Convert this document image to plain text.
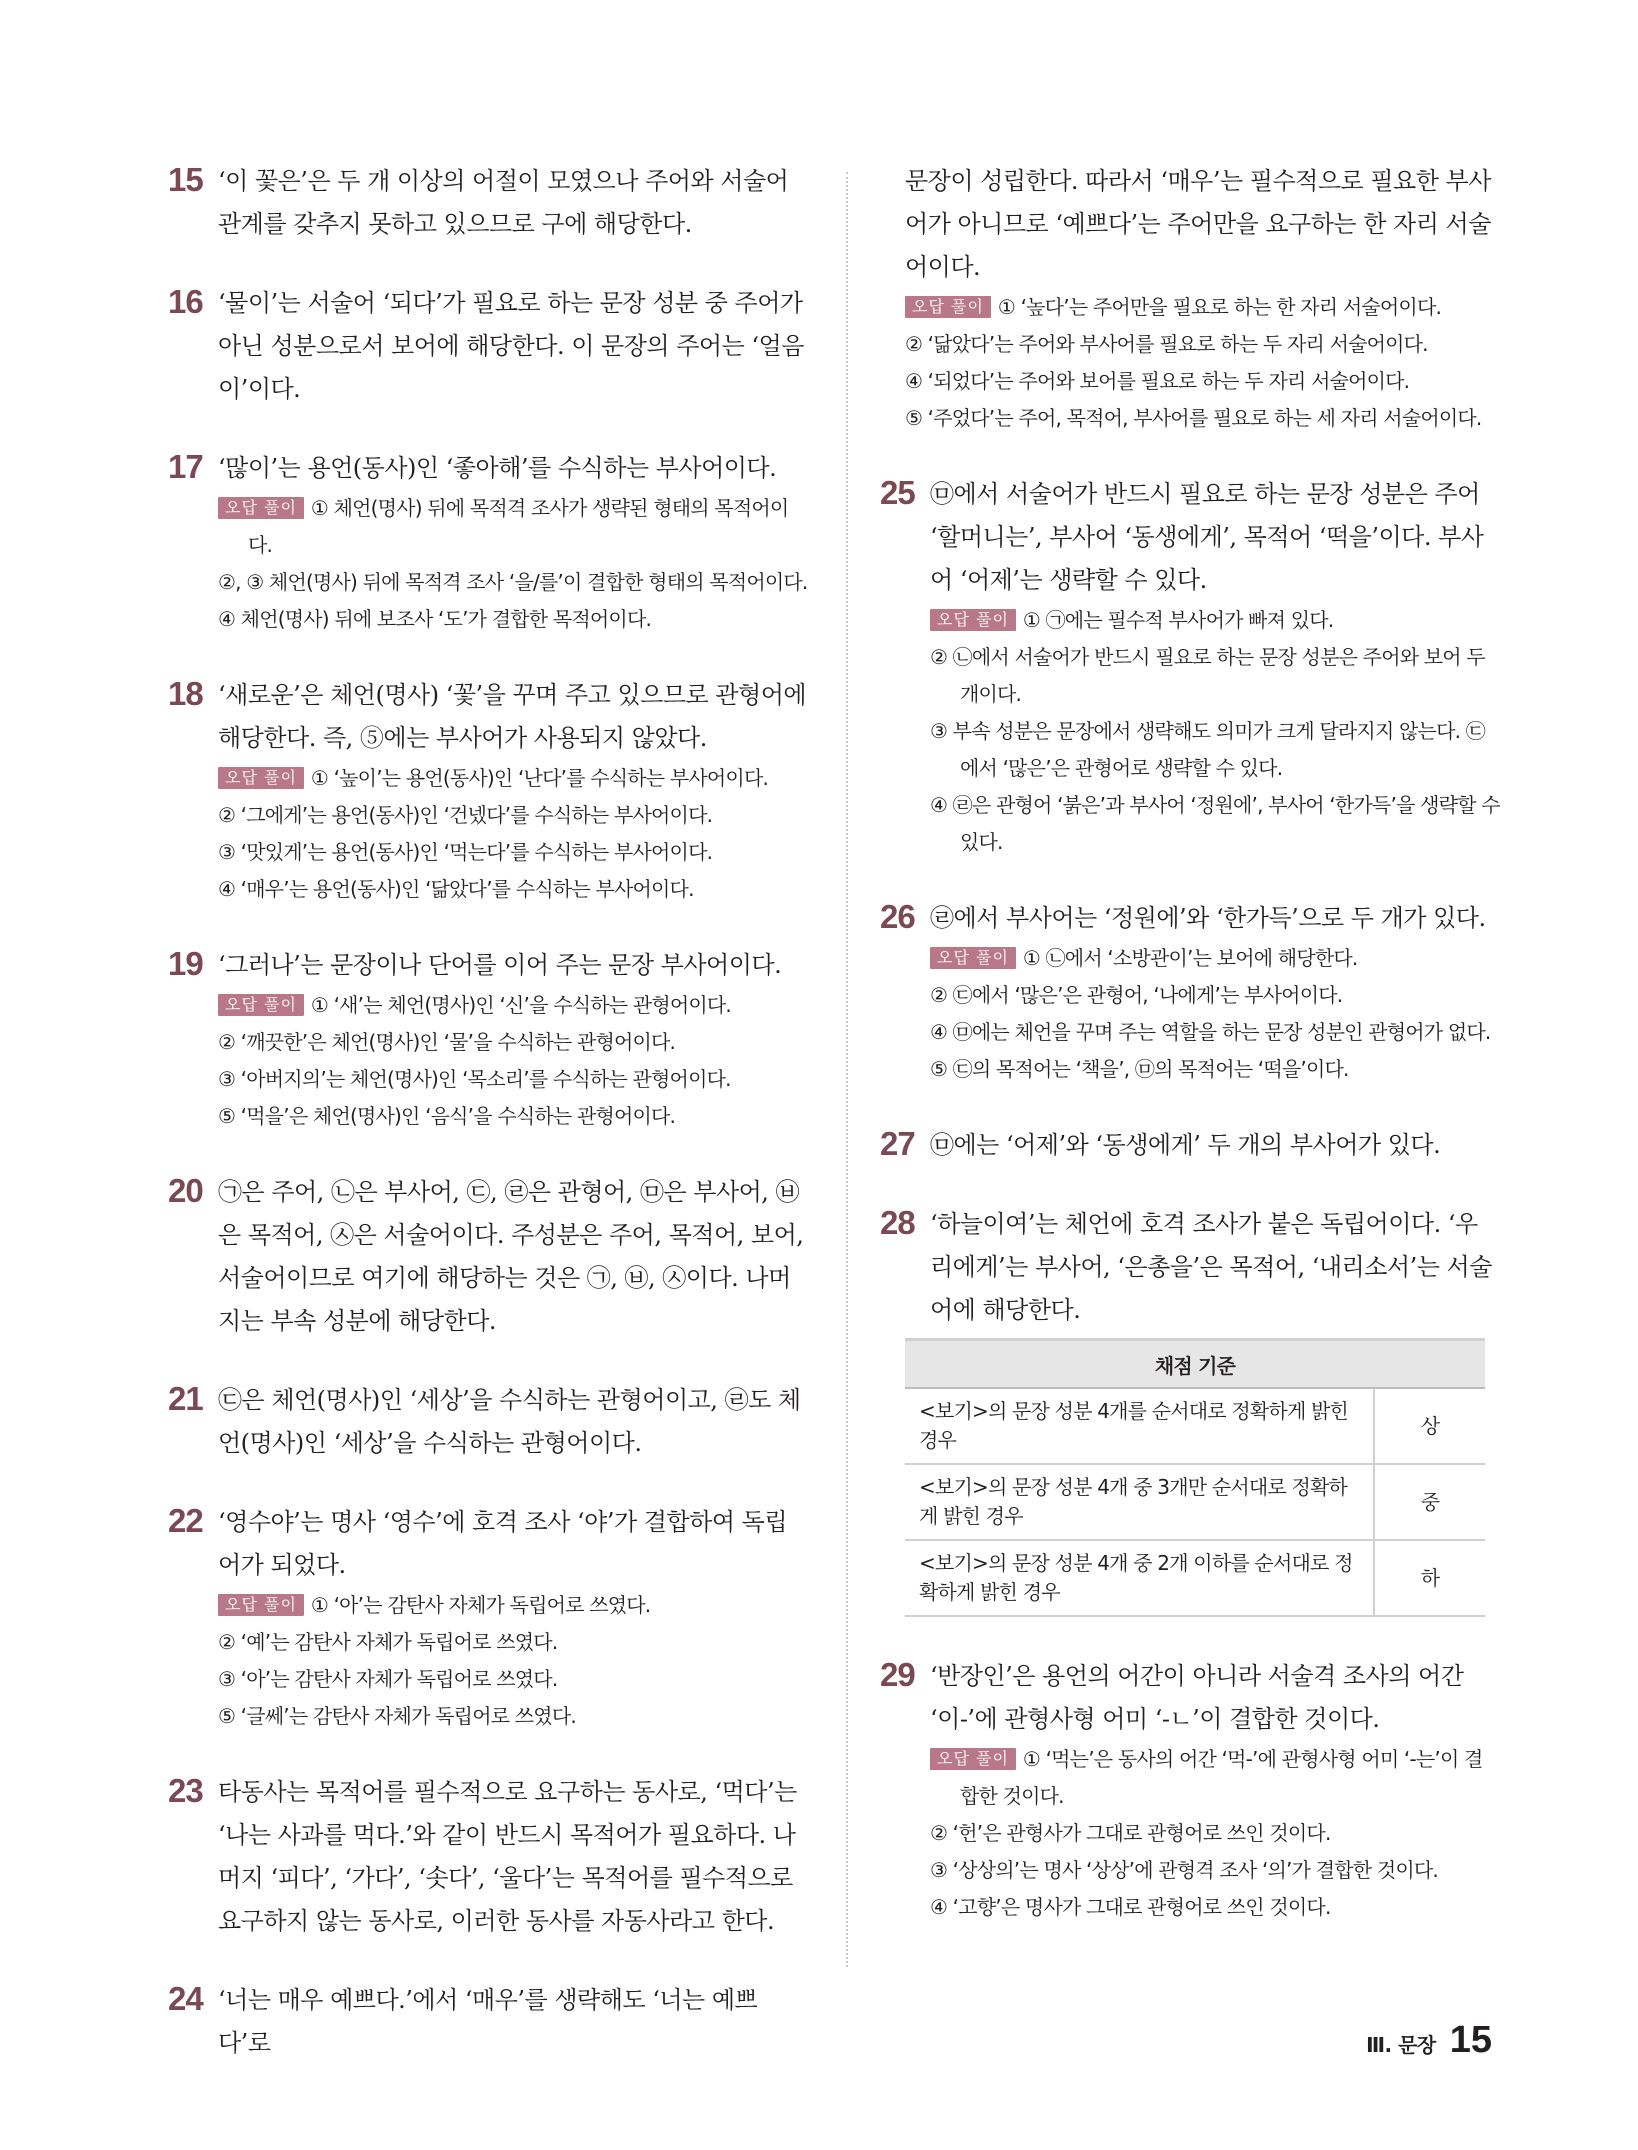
15 ‘이 꽃은’은 두 개 이상의 어절이 모였으나 주어와 서술어 관계를 갖추지 못하고 있으므로 구에 해당한다.
16 ‘물이’는 서술어 ‘되다’가 필요로 하는 문장 성분 중 주어가 아닌 성분으로서 보어에 해당한다. 이 문장의 주어는 ‘얼음이’이다.
17 ‘많이’는 용언(동사)인 ‘좋아해’를 수식하는 부사어이다.
오답 풀이 ① 체언(명사) 뒤에 목적격 조사가 생략된 형태의 목적어이다.
②, ③ 체언(명사) 뒤에 목적격 조사 ‘을/를’이 결합한 형태의 목적어이다.
④ 체언(명사) 뒤에 보조사 ‘도’가 결합한 목적어이다.
18 ‘새로운’은 체언(명사) ‘꽃’을 꾸며 주고 있으므로 관형어에 해당한다. 즉, ⑤에는 부사어가 사용되지 않았다.
오답 풀이 ① ‘높이’는 용언(동사)인 ‘난다’를 수식하는 부사어이다.
② ‘그에게’는 용언(동사)인 ‘건넸다’를 수식하는 부사어이다.
③ ‘맛있게’는 용언(동사)인 ‘먹는다’를 수식하는 부사어이다.
④ ‘매우’는 용언(동사)인 ‘닮았다’를 수식하는 부사어이다.
19 ‘그러나’는 문장이나 단어를 이어 주는 문장 부사어이다.
오답 풀이 ① ‘새’는 체언(명사)인 ‘신’을 수식하는 관형어이다.
② ‘깨끗한’은 체언(명사)인 ‘물’을 수식하는 관형어이다.
③ ‘아버지의’는 체언(명사)인 ‘목소리’를 수식하는 관형어이다.
⑤ ‘먹을’은 체언(명사)인 ‘음식’을 수식하는 관형어이다.
20 ㉠은 주어, ㉡은 부사어, ㉢, ㉣은 관형어, ㉤은 부사어, ㉥은 목적어, ㉦은 서술어이다. 주성분은 주어, 목적어, 보어, 서술어이므로 여기에 해당하는 것은 ㉠, ㉥, ㉦이다. 나머지는 부속 성분에 해당한다.
21 ㉢은 체언(명사)인 ‘세상’을 수식하는 관형어이고, ㉣도 체언(명사)인 ‘세상’을 수식하는 관형어이다.
22 ‘영수야’는 명사 ‘영수’에 호격 조사 ‘야’가 결합하여 독립어가 되었다.
오답 풀이 ① ‘아’는 감탄사 자체가 독립어로 쓰였다.
② ‘예’는 감탄사 자체가 독립어로 쓰였다.
③ ‘아’는 감탄사 자체가 독립어로 쓰였다.
⑤ ‘글쎄’는 감탄사 자체가 독립어로 쓰였다.
23 타동사는 목적어를 필수적으로 요구하는 동사로, ‘먹다’는 ‘나는 사과를 먹다.’와 같이 반드시 목적어가 필요하다. 나머지 ‘피다’, ‘가다’, ‘솟다’, ‘울다’는 목적어를 필수적으로 요구하지 않는 동사로, 이러한 동사를 자동사라고 한다.
24 ‘너는 매우 예쁘다.’에서 ‘매우’를 생략해도 ‘너는 예쁘다’로
문장이 성립한다. 따라서 ‘매우’는 필수적으로 필요한 부사어가 아니므로 ‘예쁘다’는 주어만을 요구하는 한 자리 서술어이다.
오답 풀이 ① ‘높다’는 주어만을 필요로 하는 한 자리 서술어이다.
② ‘닮았다’는 주어와 부사어를 필요로 하는 두 자리 서술어이다.
④ ‘되었다’는 주어와 보어를 필요로 하는 두 자리 서술어이다.
⑤ ‘주었다’는 주어, 목적어, 부사어를 필요로 하는 세 자리 서술어이다.
25 ㉤에서 서술어가 반드시 필요로 하는 문장 성분은 주어 ‘할머니는’, 부사어 ‘동생에게’, 목적어 ‘떡을’이다. 부사어 ‘어제’는 생략할 수 있다.
오답 풀이 ① ㉠에는 필수적 부사어가 빠져 있다.
② ㉡에서 서술어가 반드시 필요로 하는 문장 성분은 주어와 보어 두 개이다.
③ 부속 성분은 문장에서 생략해도 의미가 크게 달라지지 않는다. ㉢에서 ‘많은’은 관형어로 생략할 수 있다.
④ ㉣은 관형어 ‘붉은’과 부사어 ‘정원에’, 부사어 ‘한가득’을 생략할 수 있다.
26 ㉣에서 부사어는 ‘정원에’와 ‘한가득’으로 두 개가 있다.
오답 풀이 ① ㉡에서 ‘소방관이’는 보어에 해당한다.
② ㉢에서 ‘많은’은 관형어, ‘나에게’는 부사어이다.
④ ㉤에는 체언을 꾸며 주는 역할을 하는 문장 성분인 관형어가 없다.
⑤ ㉢의 목적어는 ‘책을’, ㉤의 목적어는 ‘떡을’이다.
27 ㉤에는 ‘어제’와 ‘동생에게’ 두 개의 부사어가 있다.
28 ‘하늘이여’는 체언에 호격 조사가 붙은 독립어이다. ‘우리에게’는 부사어, ‘은총을’은 목적어, ‘내리소서’는 서술어에 해당한다.
채점 기준	
<보기>의 문장 성분 4개를 순서대로 정확하게 밝힌 경우	상
<보기>의 문장 성분 4개 중 3개만 순서대로 정확하게 밝힌 경우	중
<보기>의 문장 성분 4개 중 2개 이하를 순서대로 정확하게 밝힌 경우	하
29 ‘반장인’은 용언의 어간이 아니라 서술격 조사의 어간 ‘이-’에 관형사형 어미 ‘-ㄴ’이 결합한 것이다.
오답 풀이 ① ‘먹는’은 동사의 어간 ‘먹-’에 관형사형 어미 ‘-는’이 결합한 것이다.
② ‘헌’은 관형사가 그대로 관형어로 쓰인 것이다.
③ ‘상상의’는 명사 ‘상상’에 관형격 조사 ‘의’가 결합한 것이다.
④ ‘고향’은 명사가 그대로 관형어로 쓰인 것이다.
Ⅲ. 문장 15
